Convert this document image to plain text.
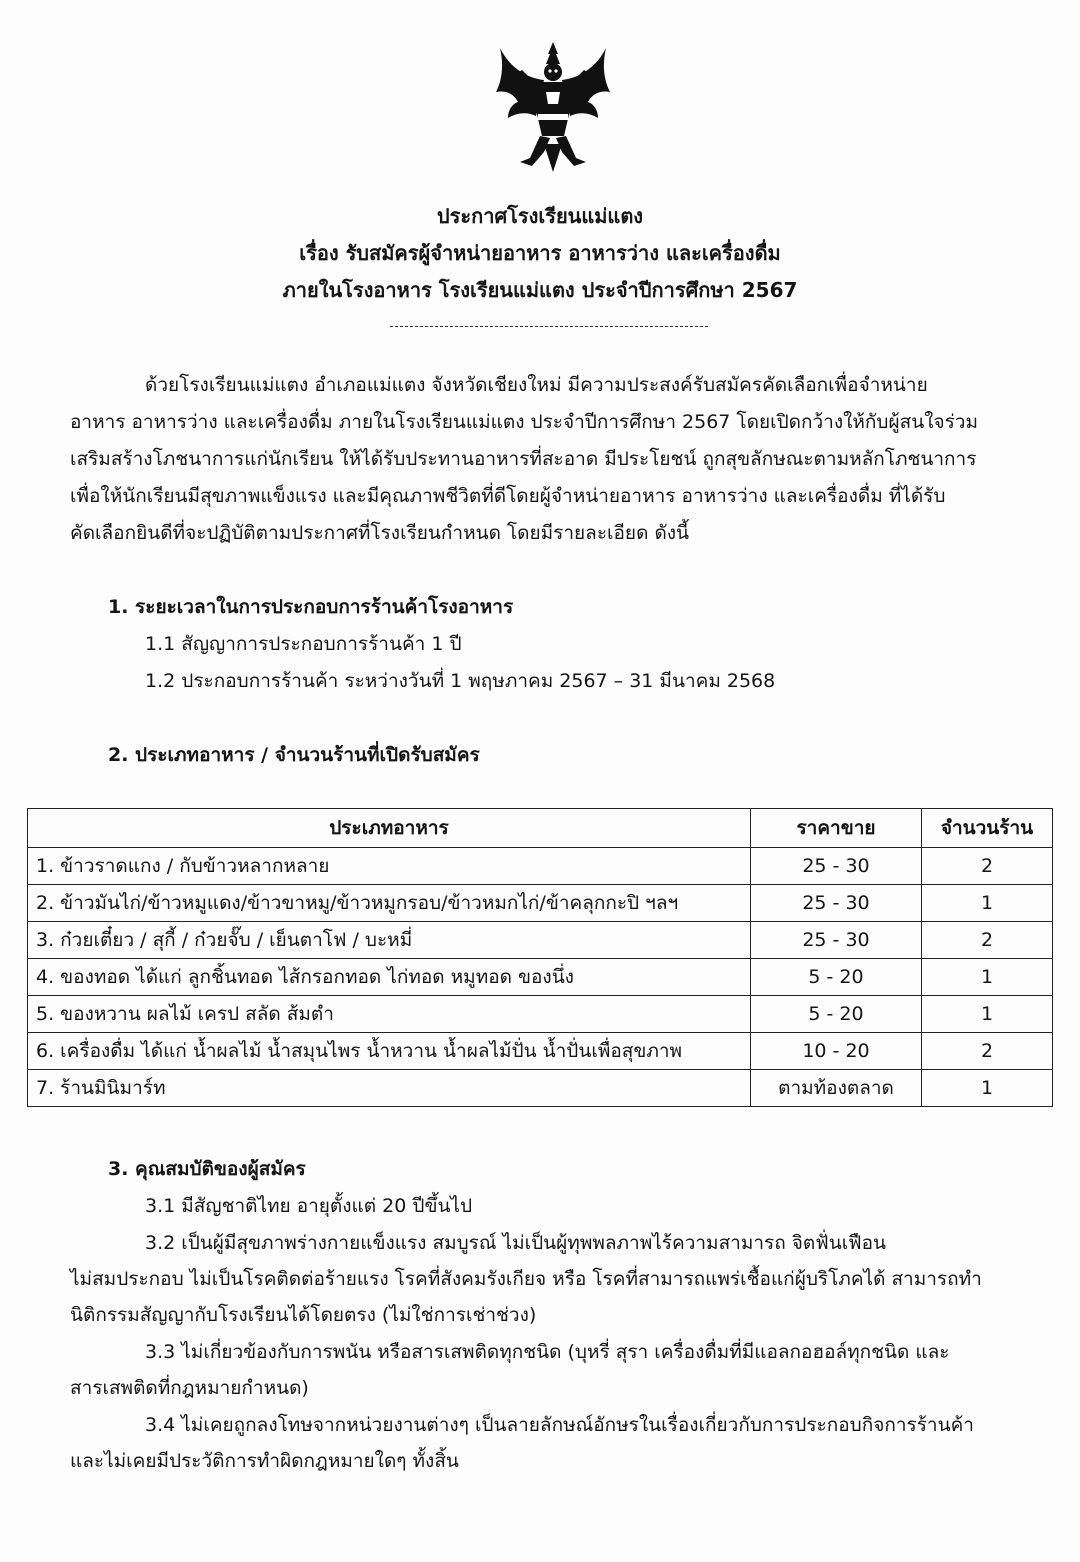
ประกาศโรงเรียนแม่แตง
เรื่อง รับสมัครผู้จำหน่ายอาหาร อาหารว่าง และเครื่องดื่ม
ภายในโรงอาหาร โรงเรียนแม่แตง ประจำปีการศึกษา 2567
ด้วยโรงเรียนแม่แตง อำเภอแม่แตง จังหวัดเชียงใหม่ มีความประสงค์รับสมัครคัดเลือกเพื่อจำหน่าย
อาหาร อาหารว่าง และเครื่องดื่ม ภายในโรงเรียนแม่แตง ประจำปีการศึกษา 2567 โดยเปิดกว้างให้กับผู้สนใจร่วม
เสริมสร้างโภชนาการแก่นักเรียน ให้ได้รับประทานอาหารที่สะอาด มีประโยชน์ ถูกสุขลักษณะตามหลักโภชนาการ
เพื่อให้นักเรียนมีสุขภาพแข็งแรง และมีคุณภาพชีวิตที่ดีโดยผู้จำหน่ายอาหาร อาหารว่าง และเครื่องดื่ม ที่ได้รับ
คัดเลือกยินดีที่จะปฏิบัติตามประกาศที่โรงเรียนกำหนด โดยมีรายละเอียด ดังนี้
1. ระยะเวลาในการประกอบการร้านค้าโรงอาหาร
1.1 สัญญาการประกอบการร้านค้า 1 ปี
1.2 ประกอบการร้านค้า ระหว่างวันที่ 1 พฤษภาคม 2567 – 31 มีนาคม 2568
2. ประเภทอาหาร / จำนวนร้านที่เปิดรับสมัคร
ประเภทอาหาร	ราคาขาย	จำนวนร้าน
1. ข้าวราดแกง / กับข้าวหลากหลาย	25 - 30	2
2. ข้าวมันไก่/ข้าวหมูแดง/ข้าวขาหมู/ข้าวหมูกรอบ/ข้าวหมกไก่/ข้าคลุกกะปิ ฯลฯ	25 - 30	1
3. ก๋วยเตี๋ยว / สุกี้ / ก๋วยจั๊บ / เย็นตาโฟ / บะหมี่	25 - 30	2
4. ของทอด ได้แก่ ลูกชิ้นทอด ไส้กรอกทอด ไก่ทอด หมูทอด ของนึ่ง	5 - 20	1
5. ของหวาน ผลไม้ เครป สลัด ส้มตำ	5 - 20	1
6. เครื่องดื่ม ได้แก่ น้ำผลไม้ น้ำสมุนไพร น้ำหวาน น้ำผลไม้ปั่น น้ำปั่นเพื่อสุขภาพ	10 - 20	2
7. ร้านมินิมาร์ท	ตามท้องตลาด	1
3. คุณสมบัติของผู้สมัคร
3.1 มีสัญชาติไทย อายุตั้งแต่ 20 ปีขึ้นไป
3.2 เป็นผู้มีสุขภาพร่างกายแข็งแรง สมบูรณ์ ไม่เป็นผู้ทุพพลภาพไร้ความสามารถ จิตฟั่นเฟือน
ไม่สมประกอบ ไม่เป็นโรคติดต่อร้ายแรง โรคที่สังคมรังเกียจ หรือ โรคที่สามารถแพร่เชื้อแก่ผู้บริโภคได้ สามารถทำ
นิติกรรมสัญญากับโรงเรียนได้โดยตรง (ไม่ใช่การเช่าช่วง)
3.3 ไม่เกี่ยวข้องกับการพนัน หรือสารเสพติดทุกชนิด (บุหรี่ สุรา เครื่องดื่มที่มีแอลกอฮอล์ทุกชนิด และ
สารเสพติดที่กฎหมายกำหนด)
3.4 ไม่เคยถูกลงโทษจากหน่วยงานต่างๆ เป็นลายลักษณ์อักษรในเรื่องเกี่ยวกับการประกอบกิจการร้านค้า
และไม่เคยมีประวัติการทำผิดกฎหมายใดๆ ทั้งสิ้น
